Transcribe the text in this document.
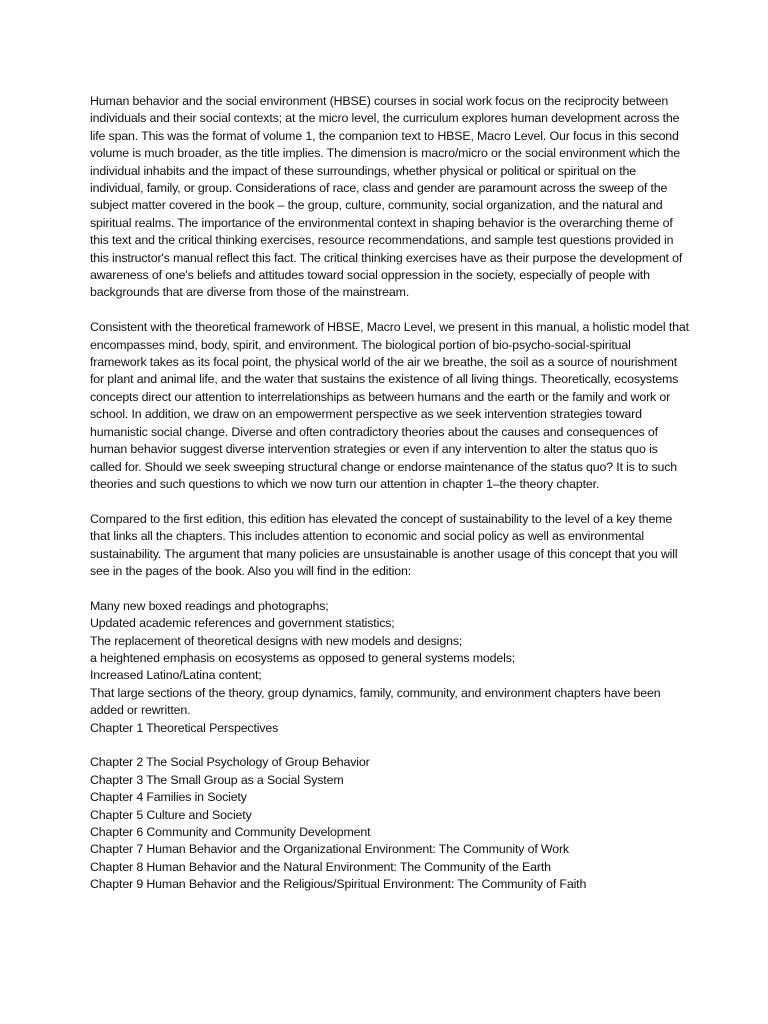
Human behavior and the social environment (HBSE) courses in social work focus on the reciprocity between individuals and their social contexts; at the micro level, the curriculum explores human development across the life span. This was the format of volume 1, the companion text to HBSE, Macro Level. Our focus in this second volume is much broader, as the title implies. The dimension is macro/micro or the social environment which the individual inhabits and the impact of these surroundings, whether physical or political or spiritual on the individual, family, or group. Considerations of race, class and gender are paramount across the sweep of the subject matter covered in the book – the group, culture, community, social organization, and the natural and spiritual realms. The importance of the environmental context in shaping behavior is the overarching theme of this text and the critical thinking exercises, resource recommendations, and sample test questions provided in this instructor's manual reflect this fact. The critical thinking exercises have as their purpose the development of awareness of one's beliefs and attitudes toward social oppression in the society, especially of people with backgrounds that are diverse from those of the mainstream.

Consistent with the theoretical framework of HBSE, Macro Level, we present in this manual, a holistic model that encompasses mind, body, spirit, and environment. The biological portion of bio-psycho-social-spiritual framework takes as its focal point, the physical world of the air we breathe, the soil as a source of nourishment for plant and animal life, and the water that sustains the existence of all living things. Theoretically, ecosystems concepts direct our attention to interrelationships as between humans and the earth or the family and work or school. In addition, we draw on an empowerment perspective as we seek intervention strategies toward humanistic social change. Diverse and often contradictory theories about the causes and consequences of human behavior suggest diverse intervention strategies or even if any intervention to alter the status quo is called for. Should we seek sweeping structural change or endorse maintenance of the status quo? It is to such theories and such questions to which we now turn our attention in chapter 1–the theory chapter.

Compared to the first edition, this edition has elevated the concept of sustainability to the level of a key theme that links all the chapters. This includes attention to economic and social policy as well as environmental sustainability. The argument that many policies are unsustainable is another usage of this concept that you will see in the pages of the book. Also you will find in the edition:

Many new boxed readings and photographs;
Updated academic references and government statistics;
The replacement of theoretical designs with new models and designs;
a heightened emphasis on ecosystems as opposed to general systems models;
Increased Latino/Latina content;
That large sections of the theory, group dynamics, family, community, and environment chapters have been added or rewritten.
Chapter 1 Theoretical Perspectives
Chapter 2 The Social Psychology of Group Behavior
Chapter 3 The Small Group as a Social System
Chapter 4 Families in Society
Chapter 5 Culture and Society
Chapter 6 Community and Community Development
Chapter 7 Human Behavior and the Organizational Environment: The Community of Work
Chapter 8 Human Behavior and the Natural Environment: The Community of the Earth
Chapter 9 Human Behavior and the Religious/Spiritual Environment: The Community of Faith
